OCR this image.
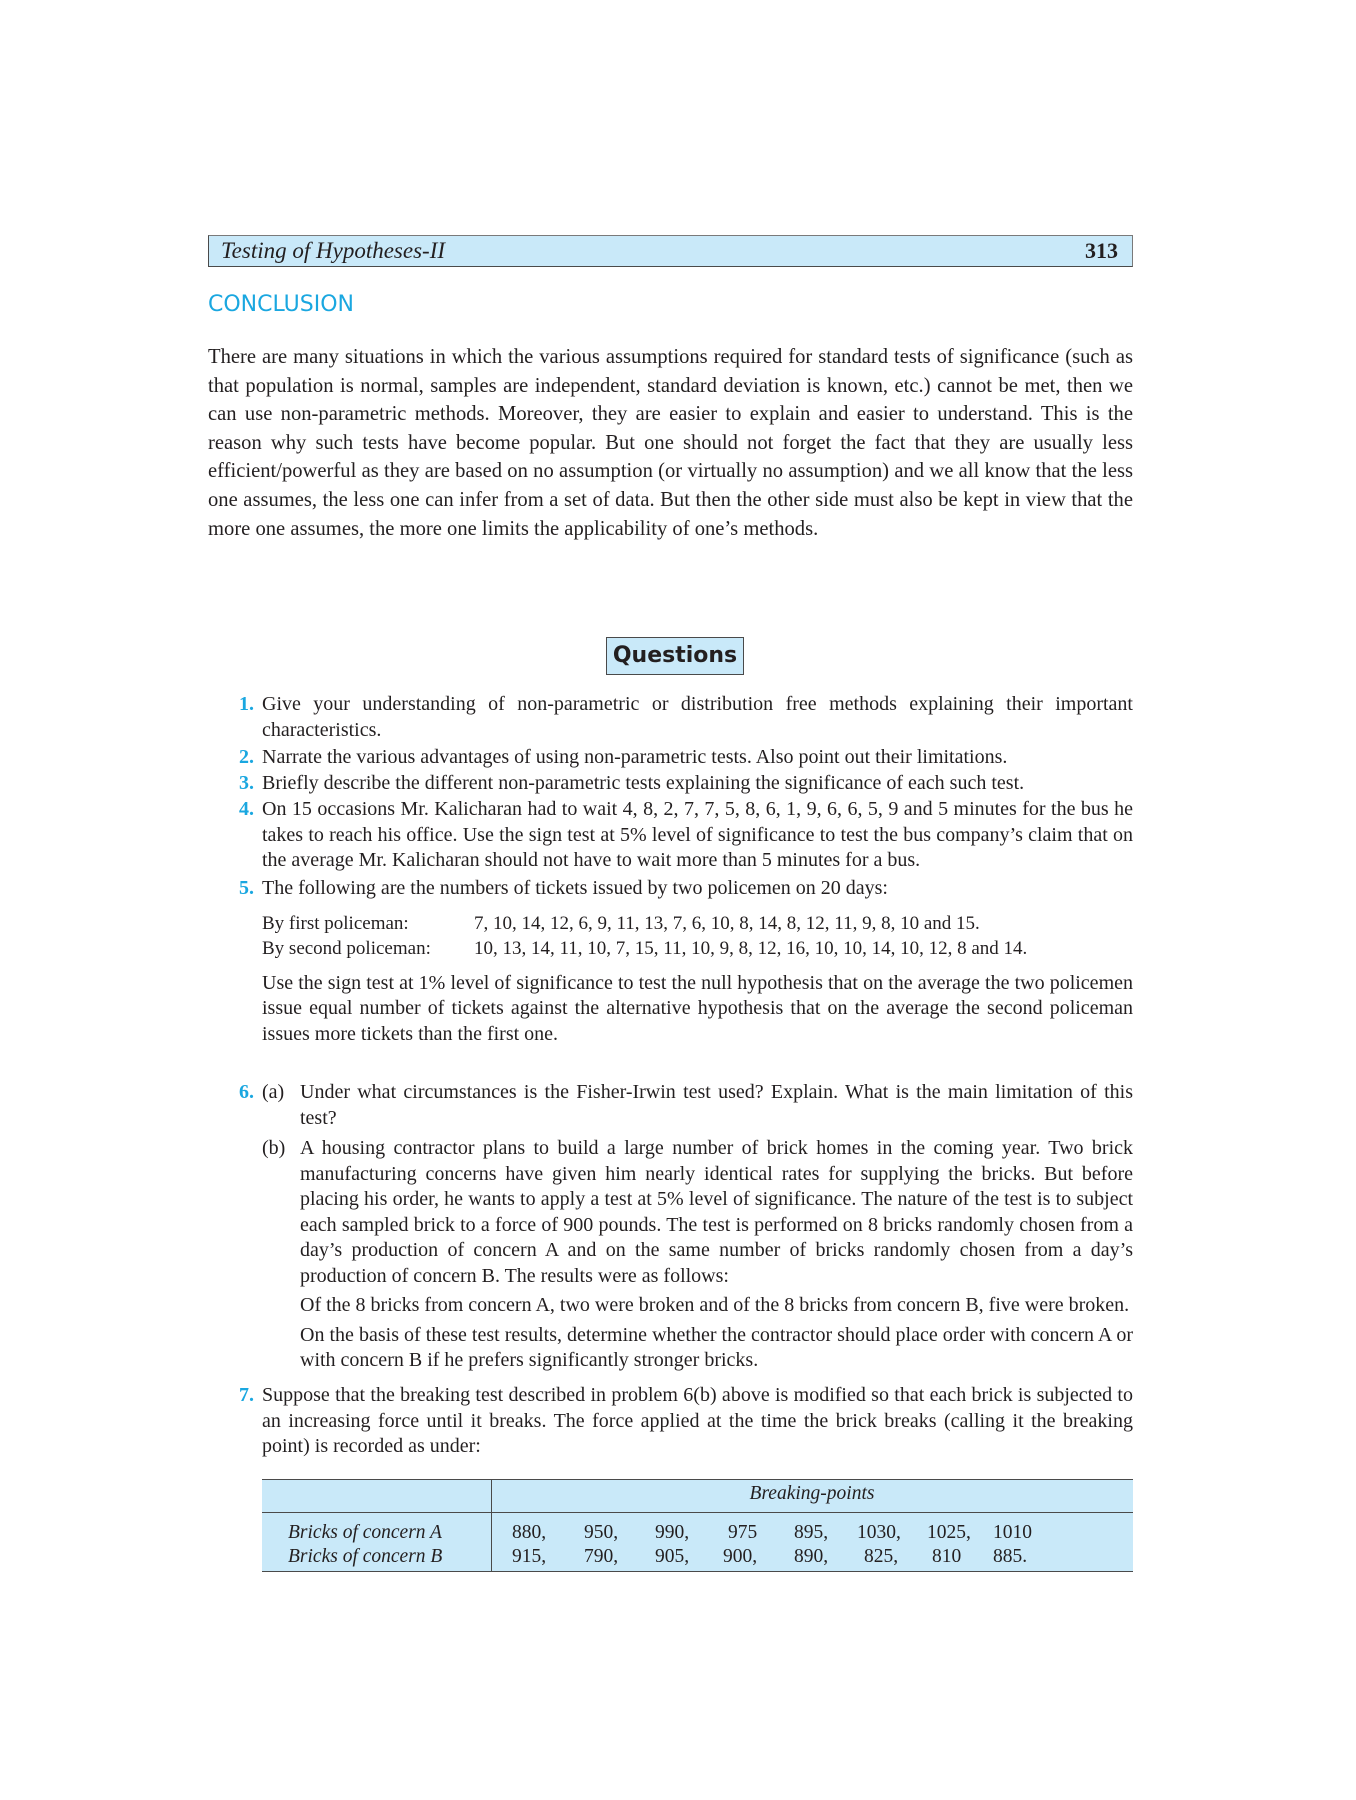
Testing of Hypotheses-II	313
CONCLUSION
There are many situations in which the various assumptions required for standard tests of significance (such as that population is normal, samples are independent, standard deviation is known, etc.) cannot be met, then we can use non-parametric methods. Moreover, they are easier to explain and easier to understand. This is the reason why such tests have become popular. But one should not forget the fact that they are usually less efficient/powerful as they are based on no assumption (or virtually no assumption) and we all know that the less one assumes, the less one can infer from a set of data. But then the other side must also be kept in view that the more one assumes, the more one limits the applicability of one’s methods.
Questions
1. Give your understanding of non-parametric or distribution free methods explaining their important characteristics.
2. Narrate the various advantages of using non-parametric tests. Also point out their limitations.
3. Briefly describe the different non-parametric tests explaining the significance of each such test.
4. On 15 occasions Mr. Kalicharan had to wait 4, 8, 2, 7, 7, 5, 8, 6, 1, 9, 6, 6, 5, 9 and 5 minutes for the bus he takes to reach his office. Use the sign test at 5% level of significance to test the bus company’s claim that on the average Mr. Kalicharan should not have to wait more than 5 minutes for a bus.
5. The following are the numbers of tickets issued by two policemen on 20 days:
By first policeman:	7, 10, 14, 12, 6, 9, 11, 13, 7, 6, 10, 8, 14, 8, 12, 11, 9, 8, 10 and 15.
By second policeman:	10, 13, 14, 11, 10, 7, 15, 11, 10, 9, 8, 12, 16, 10, 10, 14, 10, 12, 8 and 14.
Use the sign test at 1% level of significance to test the null hypothesis that on the average the two policemen issue equal number of tickets against the alternative hypothesis that on the average the second policeman issues more tickets than the first one.
6. (a) Under what circumstances is the Fisher-Irwin test used? Explain. What is the main limitation of this test?
(b) A housing contractor plans to build a large number of brick homes in the coming year. Two brick manufacturing concerns have given him nearly identical rates for supplying the bricks. But before placing his order, he wants to apply a test at 5% level of significance. The nature of the test is to subject each sampled brick to a force of 900 pounds. The test is performed on 8 bricks randomly chosen from a day’s production of concern A and on the same number of bricks randomly chosen from a day’s production of concern B. The results were as follows:
Of the 8 bricks from concern A, two were broken and of the 8 bricks from concern B, five were broken.
On the basis of these test results, determine whether the contractor should place order with concern A or with concern B if he prefers significantly stronger bricks.
7. Suppose that the breaking test described in problem 6(b) above is modified so that each brick is subjected to an increasing force until it breaks. The force applied at the time the brick breaks (calling it the breaking point) is recorded as under:
Breaking-points
Bricks of concern A	880, 950, 990, 975 895, 1030, 1025, 1010
Bricks of concern B	915, 790, 905, 900, 890, 825, 810 885.
